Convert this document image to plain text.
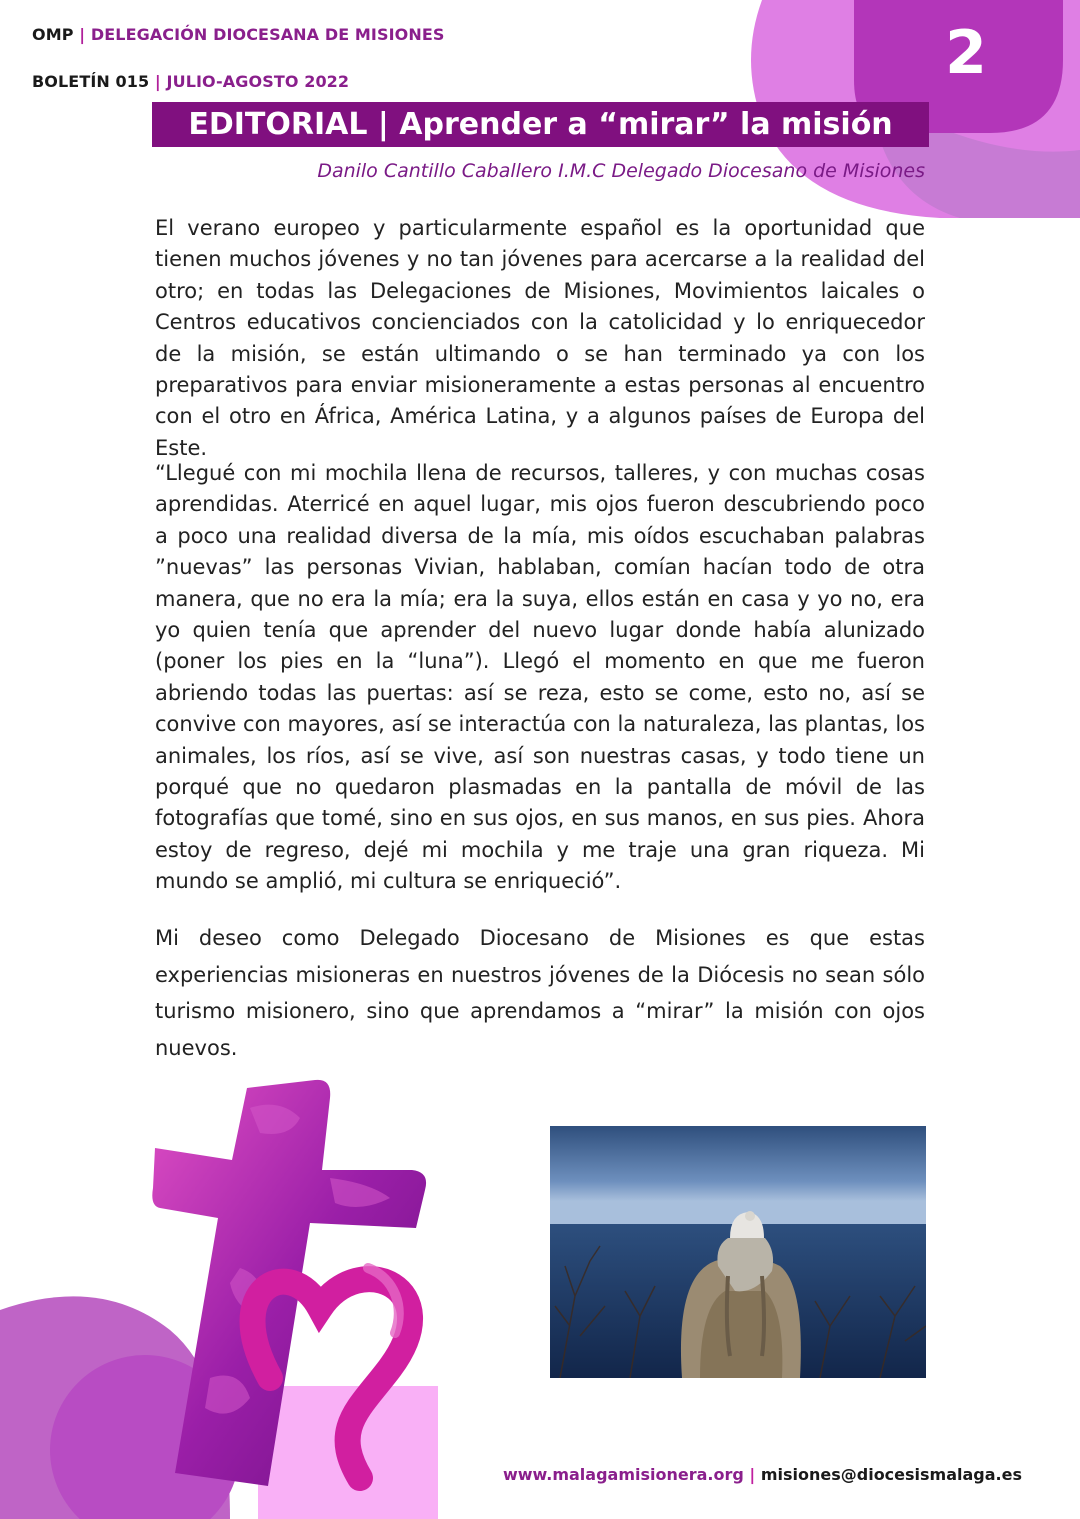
OMP | DELEGACIÓN DIOCESANA DE MISIONES
BOLETÍN 015 | JULIO-AGOSTO 2022	2
EDITORIAL | Aprender a “mirar” la misión
Danilo Cantillo Caballero I.M.C Delegado Diocesano de Misiones

El verano europeo y particularmente español es la oportunidad que tienen muchos jóvenes y no tan jóvenes para acercarse a la realidad del otro; en todas las Delegaciones de Misiones, Movimientos laicales o Centros educativos concienciados con la catolicidad y lo enriquecedor de la misión, se están ultimando o se han terminado ya con los preparativos para enviar misioneramente a estas personas al encuentro con el otro en África, América Latina, y a algunos países de Europa del Este.

“Llegué con mi mochila llena de recursos, talleres, y con muchas cosas aprendidas. Aterricé en aquel lugar, mis ojos fueron descubriendo poco a poco una realidad diversa de la mía, mis oídos escuchaban palabras ”nuevas” las personas Vivian, hablaban, comían hacían todo de otra manera, que no era la mía; era la suya, ellos están en casa y yo no, era yo quien tenía que aprender del nuevo lugar donde había alunizado (poner los pies en la “luna”). Llegó el momento en que me fueron abriendo todas las puertas: así se reza, esto se come, esto no, así se convive con mayores, así se interactúa con la naturaleza, las plantas, los animales, los ríos, así se vive, así son nuestras casas, y todo tiene un porqué que no quedaron plasmadas en la pantalla de móvil de las fotografías que tomé, sino en sus ojos, en sus manos, en sus pies. Ahora estoy de regreso, dejé mi mochila y me traje una gran riqueza. Mi mundo se amplió, mi cultura se enriqueció”.

Mi deseo como Delegado Diocesano de Misiones es que estas experiencias misioneras en nuestros jóvenes de la Diócesis no sean sólo turismo misionero, sino que aprendamos a “mirar” la misión con ojos nuevos.

www.malagamisionera.org | misiones@diocesismalaga.es
